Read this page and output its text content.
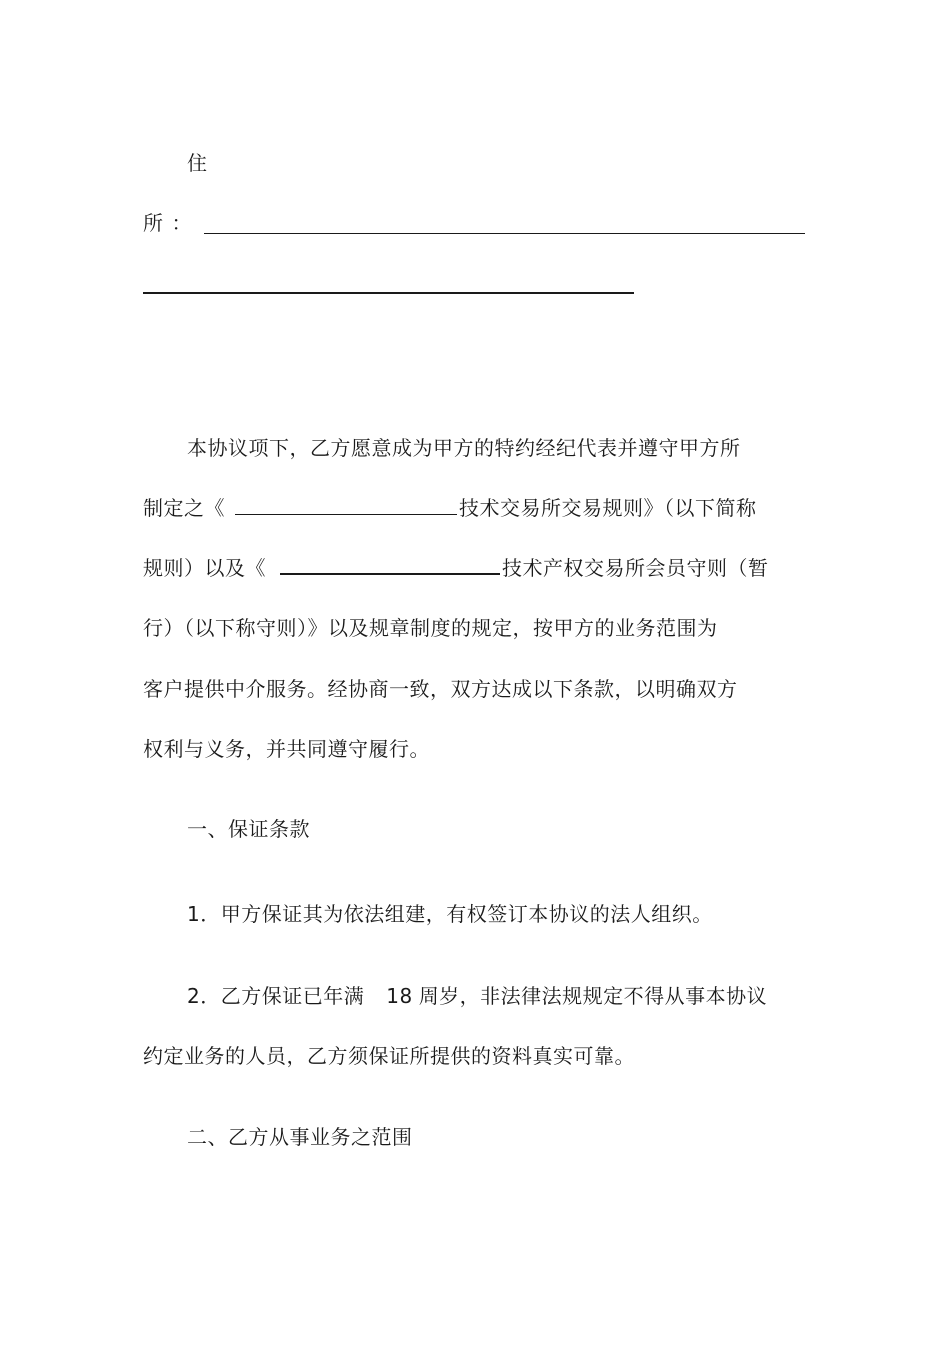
住
所 ：
本协议项下，乙方愿意成为甲方的特约经纪代表并遵守甲方所
制定之《	技术交易所交易规则》（以下简称
规则）以及《	技术产权交易所会员守则（暂
行）（以下称守则）》以及规章制度的规定，按甲方的业务范围为
客户提供中介服务。经协商一致，双方达成以下条款，以明确双方
权利与义务，并共同遵守履行。
一、保证条款
1．甲方保证其为依法组建，有权签订本协议的法人组织。
2．乙方保证已年满 18 周岁，非法律法规规定不得从事本协议
约定业务的人员，乙方须保证所提供的资料真实可靠。
二、乙方从事业务之范围
